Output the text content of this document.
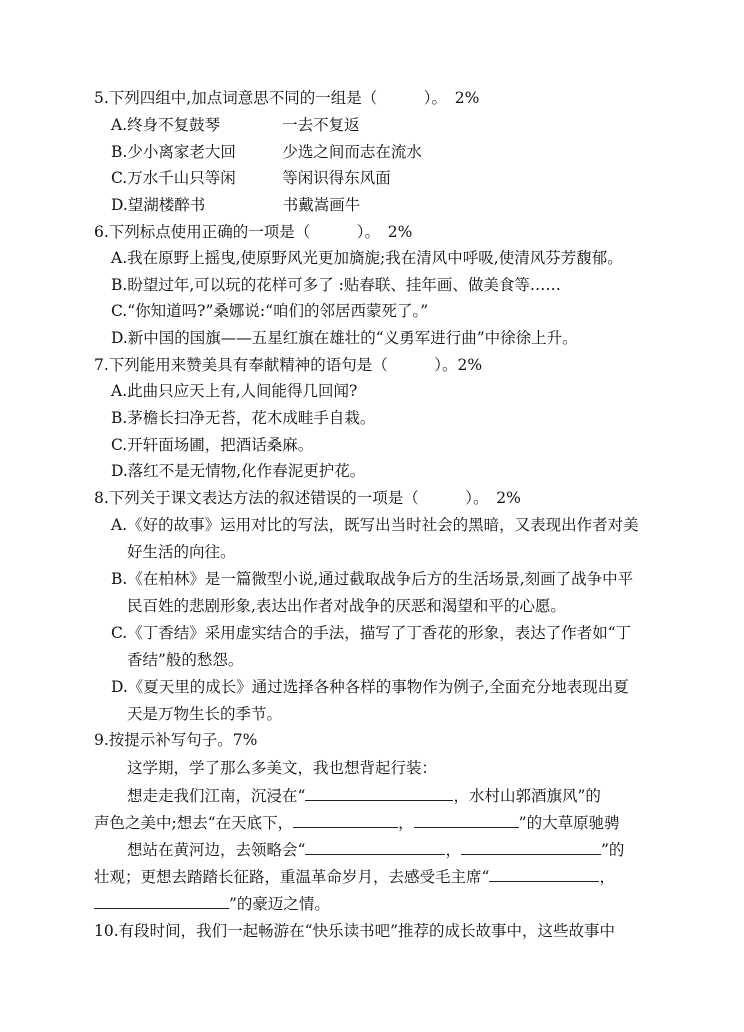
5.下列四组中,加点词意思不同的一组是（　　　）。　2%
A.终身不复鼓琴　　　　一去不复返
B.少小离家老大回　　　少选之间而志在流水
C.万水千山只等闲　　　等闲识得东风面
D.望湖楼醉书　　　　　书戴嵩画牛
6.下列标点使用正确的一项是（　　　）。　2%
A.我在原野上摇曳,使原野风光更加旖旎;我在清风中呼吸,使清风芬芳馥郁。
B.盼望过年,可以玩的花样可多了 :贴春联、挂年画、做美食等……
C.“你知道吗?”桑娜说:“咱们的邻居西蒙死了。”
D.新中国的国旗——五星红旗在雄壮的“义勇军进行曲”中徐徐上升。
7.下列能用来赞美具有奉献精神的语句是（　　　）。2%
A.此曲只应天上有,人间能得几回闻?
B.茅檐长扫净无苔，花木成畦手自栽。
C.开轩面场圃，把酒话桑麻。
D.落红不是无情物,化作春泥更护花。
8.下列关于课文表达方法的叙述错误的一项是（　　　）。　2%
A.《好的故事》运用对比的写法，既写出当时社会的黑暗，又表现出作者对美
好生活的向往。
B.《在柏林》是一篇微型小说,通过截取战争后方的生活场景,刻画了战争中平
民百姓的悲剧形象,表达出作者对战争的厌恶和渴望和平的心愿。
C.《丁香结》采用虚实结合的手法，描写了丁香花的形象，表达了作者如“丁
香结”般的愁怨。
D.《夏天里的成长》通过选择各种各样的事物作为例子,全面充分地表现出夏
天是万物生长的季节。
9.按提示补写句子。7%
这学期，学了那么多美文，我也想背起行装：
想走走我们江南，沉浸在“	，水村山郭酒旗风”的
声色之美中;想去“在天底下，	，	”的大草原驰骋
想站在黄河边，去领略会“	，	”的
壮观；更想去踏踏长征路，重温革命岁月，去感受毛主席“	，
”的豪迈之情。
10.有段时间，我们一起畅游在“快乐读书吧”推荐的成长故事中，这些故事中
